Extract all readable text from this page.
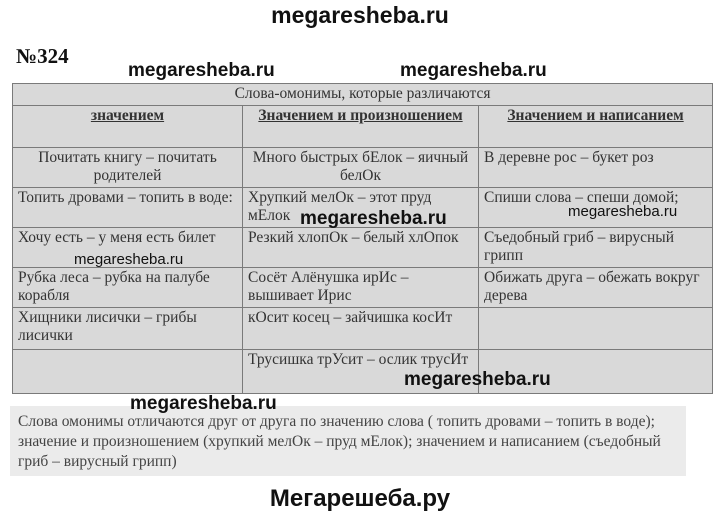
megaresheba.ru
№324
Слова-омонимы, которые различаются		
значением	Значением и произношением	Значением и написанием
Почитать книгу – почитать родителей	Много быстрых бЕлок – яичный белОк	В деревне рос – букет роз
Топить дровами – топить в воде:	Хрупкий мелОк – этот пруд мЕлок	Спиши слова – спеши домой;
Хочу есть – у меня есть билет	Резкий хлопОк – белый хлОпок	Съедобный гриб – вирусный грипп
Рубка леса – рубка на палубе корабля	Сосёт Алёнушка ирИс – вышивает Ирис	Обижать друга – обежать вокруг дерева
Хищники лисички – грибы лисички	кОсит косец – зайчишка косИт	
	Трусишка трУсит – ослик трусИт	
Слова омонимы отличаются друг от друга по значению слова ( топить дровами – топить в воде); значение и произношением (хрупкий мелОк – пруд мЕлок); значением и написанием (съедобный гриб – вирусный грипп)
megaresheba.ru	megaresheba.ru
megaresheba.ru	megaresheba.ru
megaresheba.ru
megaresheba.ru
megaresheba.ru
Мегарешеба.ру
